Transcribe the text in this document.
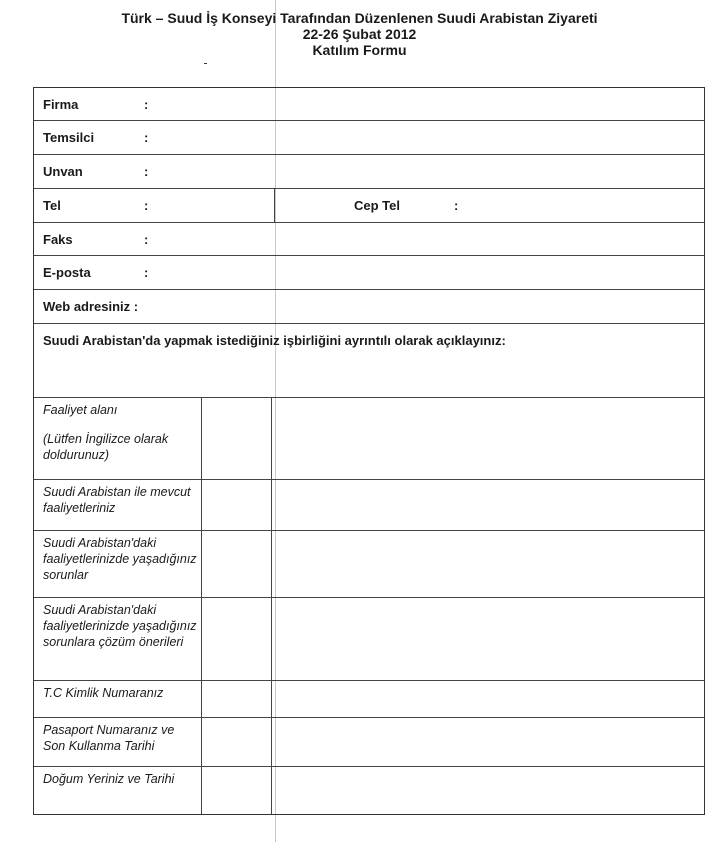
Türk – Suud İş Konseyi Tarafından Düzenlenen Suudi Arabistan Ziyareti
22-26 Şubat 2012
Katılım Formu
Firma	:
Temsilci	:
Unvan	:
Tel	:	Cep Tel	:
Faks	:
E-posta	:
Web adresiniz :
Suudi Arabistan'da yapmak istediğiniz işbirliğini ayrıntılı olarak açıklayınız:
Faaliyet alanı
(Lütfen İngilizce olarak doldurunuz)
Suudi Arabistan ile mevcut faaliyetleriniz
Suudi Arabistan'daki faaliyetlerinizde yaşadığınız sorunlar
Suudi Arabistan'daki faaliyetlerinizde yaşadığınız sorunlara çözüm önerileri
T.C Kimlik Numaranız
Pasaport Numaranız ve Son Kullanma Tarihi
Doğum Yeriniz ve Tarihi
